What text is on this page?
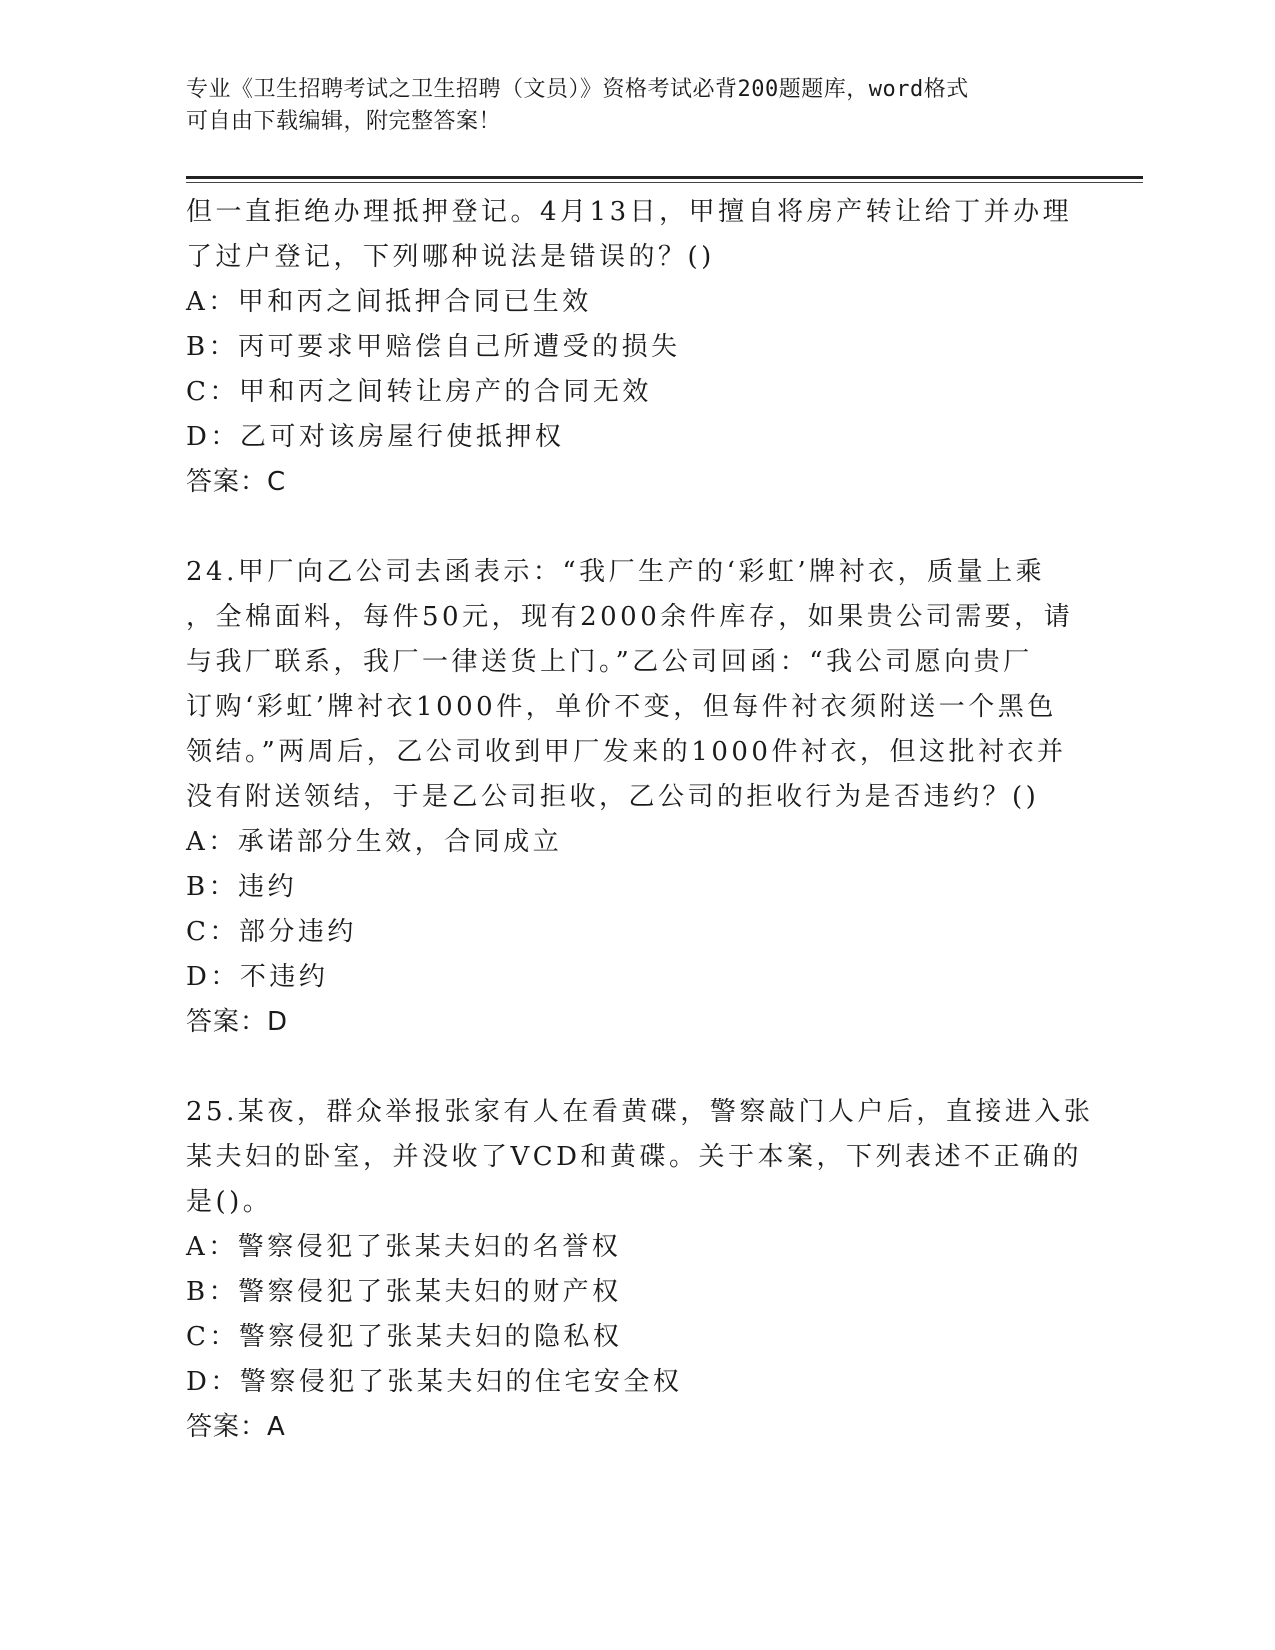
专业《卫生招聘考试之卫生招聘（文员）》资格考试必背200题题库，word格式
可自由下载编辑，附完整答案！
但一直拒绝办理抵押登记。4月13日，甲擅自将房产转让给丁并办理
了过户登记，下列哪种说法是错误的？()
A：甲和丙之间抵押合同已生效
B：丙可要求甲赔偿自己所遭受的损失
C：甲和丙之间转让房产的合同无效
D：乙可对该房屋行使抵押权
答案：C
24.甲厂向乙公司去函表示：“我厂生产的‘彩虹’牌衬衣，质量上乘
，全棉面料，每件50元，现有2000余件库存，如果贵公司需要，请
与我厂联系，我厂一律送货上门。”乙公司回函：“我公司愿向贵厂
订购‘彩虹’牌衬衣1000件，单价不变，但每件衬衣须附送一个黑色
领结。”两周后，乙公司收到甲厂发来的1000件衬衣，但这批衬衣并
没有附送领结，于是乙公司拒收，乙公司的拒收行为是否违约？()
A：承诺部分生效，合同成立
B：违约
C：部分违约
D：不违约
答案：D
25.某夜，群众举报张家有人在看黄碟，警察敲门人户后，直接进入张
某夫妇的卧室，并没收了VCD和黄碟。关于本案，下列表述不正确的
是()。
A：警察侵犯了张某夫妇的名誉权
B：警察侵犯了张某夫妇的财产权
C：警察侵犯了张某夫妇的隐私权
D：警察侵犯了张某夫妇的住宅安全权
答案：A
